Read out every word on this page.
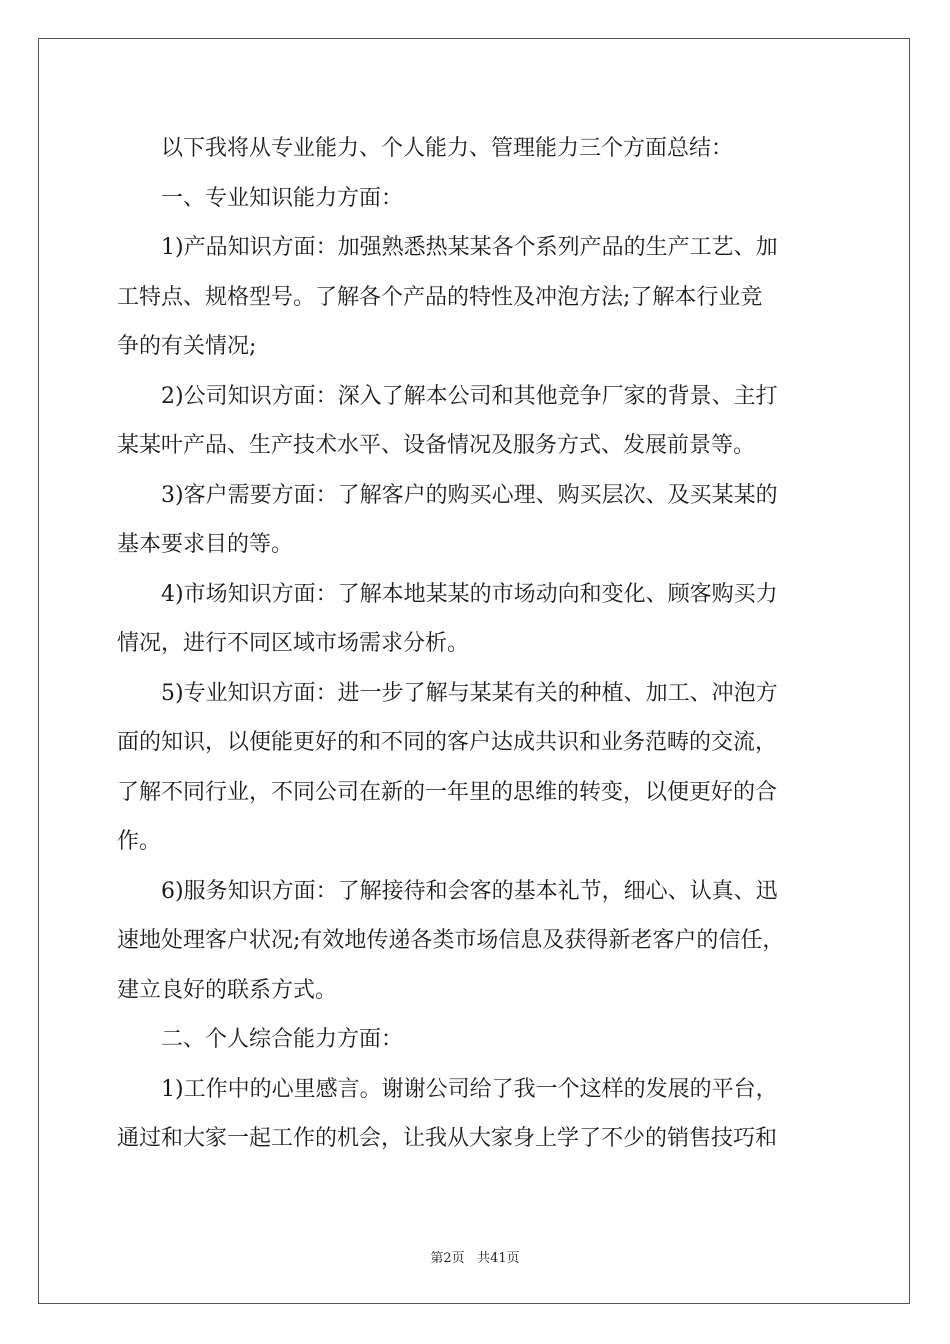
　　以下我将从专业能力、个人能力、管理能力三个方面总结：

　　一、专业知识能力方面：

　　1)产品知识方面：加强熟悉热某某各个系列产品的生产工艺、加

工特点、规格型号。了解各个产品的特性及冲泡方法;了解本行业竞

争的有关情况;

　　2)公司知识方面：深入了解本公司和其他竞争厂家的背景、主打

某某叶产品、生产技术水平、设备情况及服务方式、发展前景等。

　　3)客户需要方面：了解客户的购买心理、购买层次、及买某某的

基本要求目的等。

　　4)市场知识方面：了解本地某某的市场动向和变化、顾客购买力

情况，进行不同区域市场需求分析。

　　5)专业知识方面：进一步了解与某某有关的种植、加工、冲泡方

面的知识，以便能更好的和不同的客户达成共识和业务范畴的交流，

了解不同行业，不同公司在新的一年里的思维的转变，以便更好的合

作。

　　6)服务知识方面：了解接待和会客的基本礼节，细心、认真、迅

速地处理客户状况;有效地传递各类市场信息及获得新老客户的信任，

建立良好的联系方式。

　　二、个人综合能力方面：

　　1)工作中的心里感言。谢谢公司给了我一个这样的发展的平台，

通过和大家一起工作的机会，让我从大家身上学了不少的销售技巧和

第2页 共41页
